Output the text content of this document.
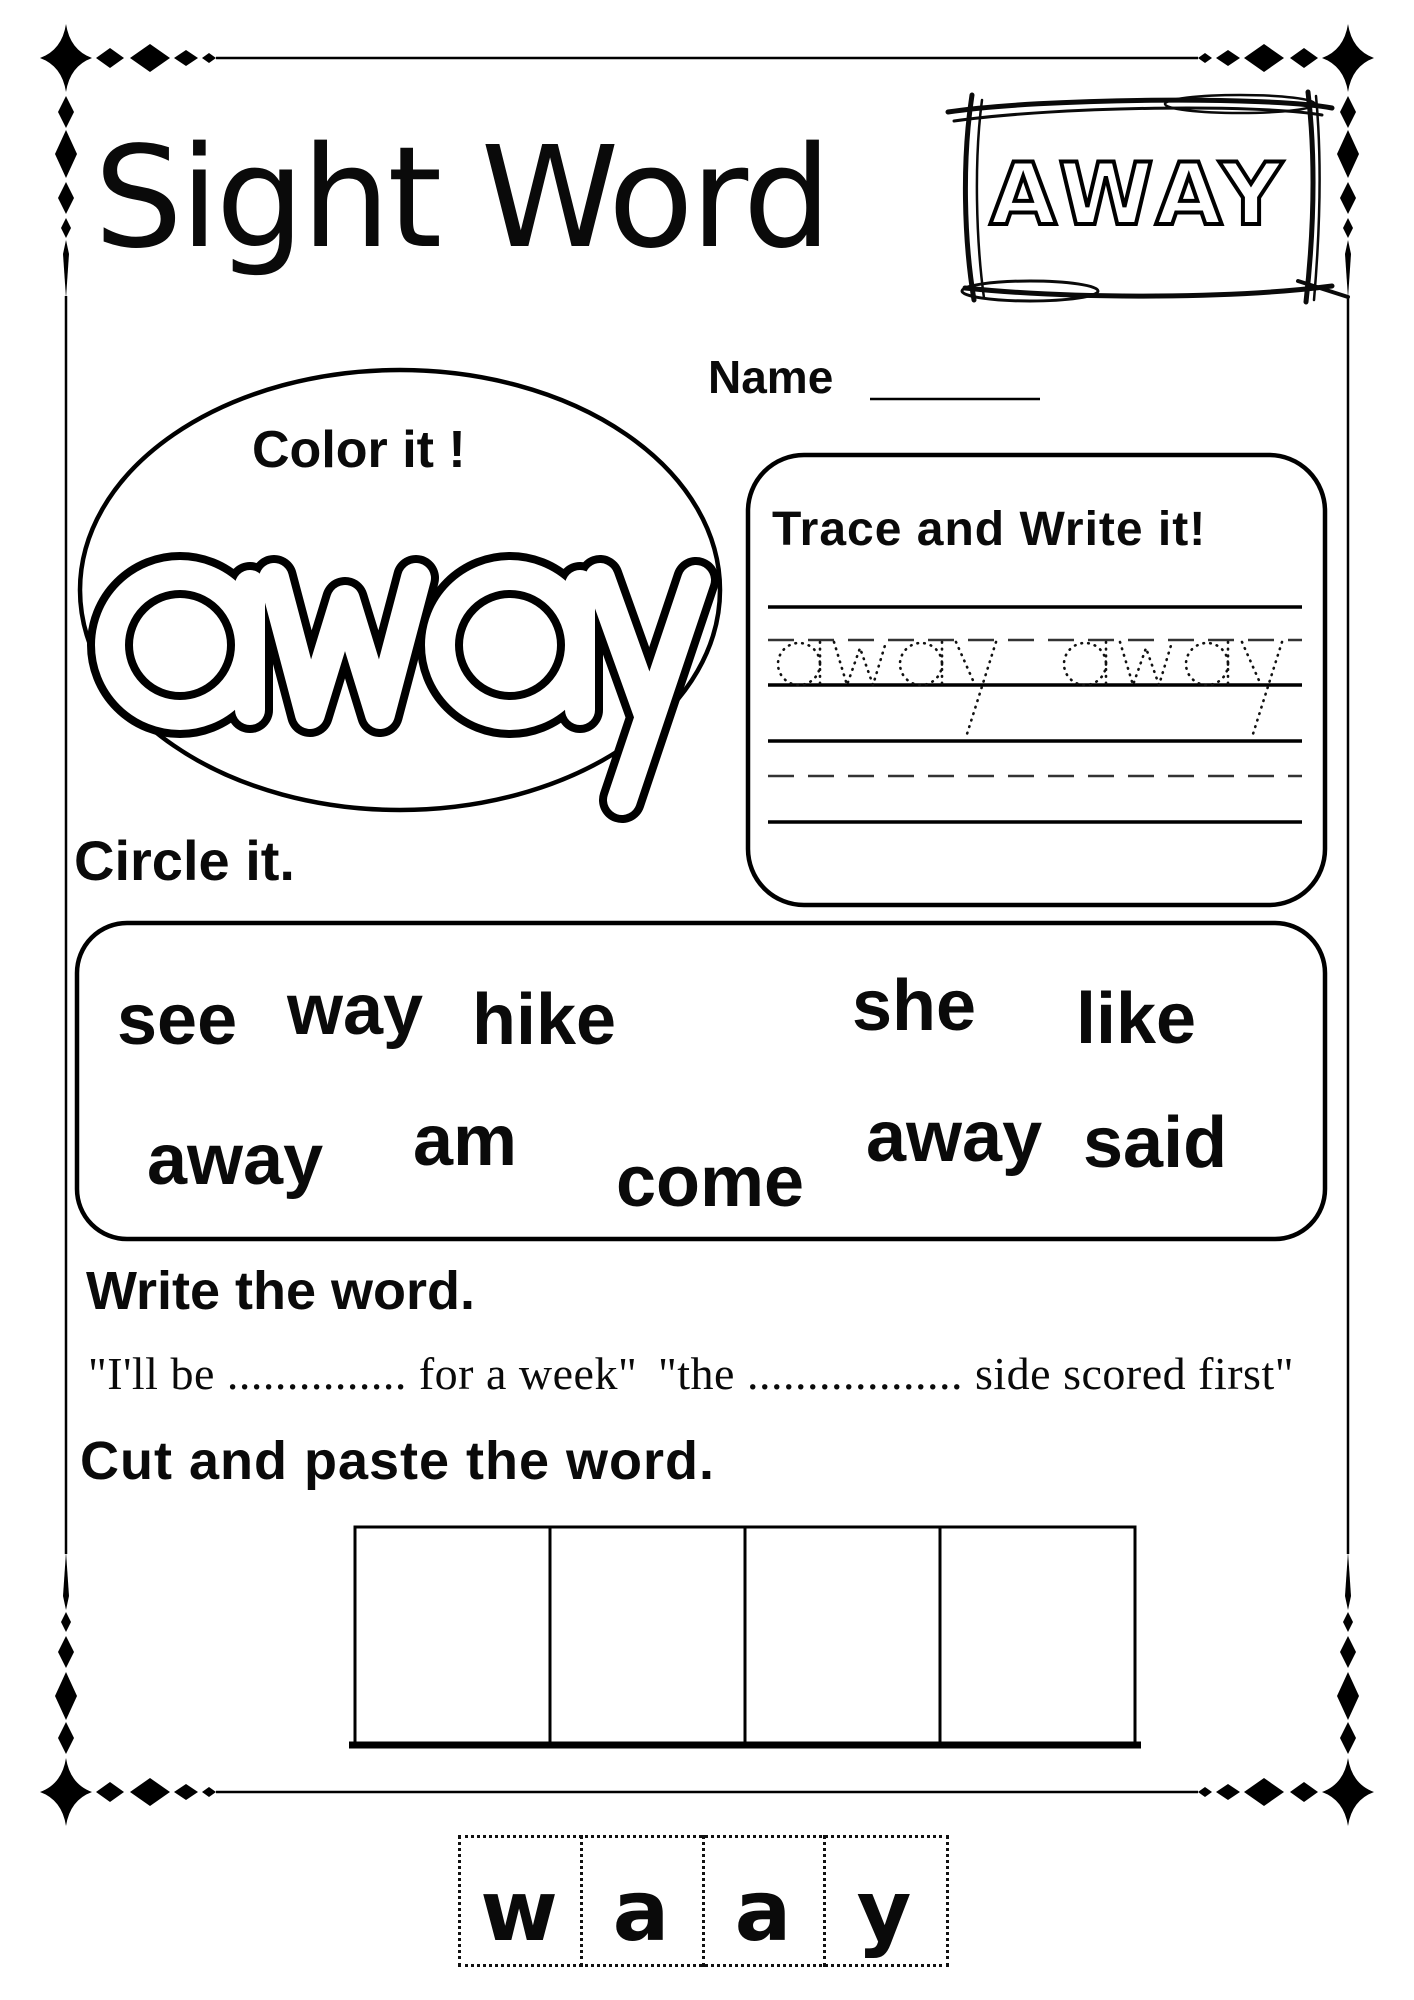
AWAY
Sight Word
Name
Color it !
Trace and Write it!
Circle it.
see way hike	she like
away am
come
away said
Write the word.
"I'll be ............... for a week" "the .................. side scored first"
Cut and paste the word.
w a a y
